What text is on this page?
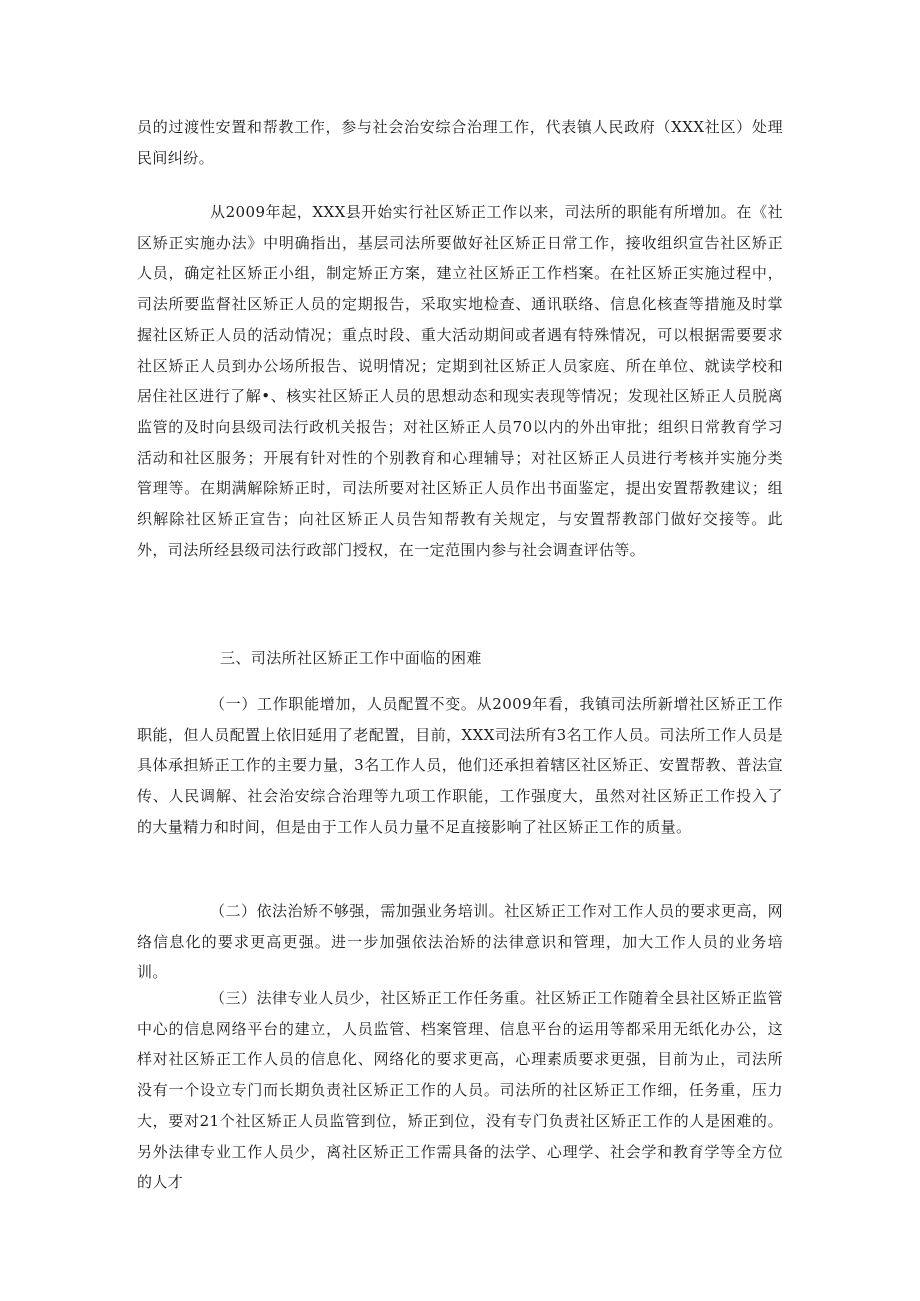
员的过渡性安置和帮教工作，参与社会治安综合治理工作，代表镇人民政府（XXX社区）处理民间纠纷。

从2009年起，XXX县开始实行社区矫正工作以来，司法所的职能有所增加。在《社区矫正实施办法》中明确指出，基层司法所要做好社区矫正日常工作，接收组织宣告社区矫正人员，确定社区矫正小组，制定矫正方案，建立社区矫正工作档案。在社区矫正实施过程中，司法所要监督社区矫正人员的定期报告，采取实地检查、通讯联络、信息化核查等措施及时掌握社区矫正人员的活动情况；重点时段、重大活动期间或者遇有特殊情况，可以根据需要要求社区矫正人员到办公场所报告、说明情况；定期到社区矫正人员家庭、所在单位、就读学校和居住社区进行了解•、核实社区矫正人员的思想动态和现实表现等情况；发现社区矫正人员脱离监管的及时向县级司法行政机关报告；对社区矫正人员70以内的外出审批；组织日常教育学习活动和社区服务；开展有针对性的个别教育和心理辅导；对社区矫正人员进行考核并实施分类管理等。在期满解除矫正时，司法所要对社区矫正人员作出书面鉴定，提出安置帮教建议；组织解除社区矫正宣告；向社区矫正人员告知帮教有关规定，与安置帮教部门做好交接等。此外，司法所经县级司法行政部门授权，在一定范围内参与社会调查评估等。

三、司法所社区矫正工作中面临的困难

（一）工作职能增加，人员配置不变。从2009年看，我镇司法所新增社区矫正工作职能，但人员配置上依旧延用了老配置，目前，XXX司法所有3名工作人员。司法所工作人员是具体承担矫正工作的主要力量，3名工作人员，他们还承担着辖区社区矫正、安置帮教、普法宣传、人民调解、社会治安综合治理等九项工作职能，工作强度大，虽然对社区矫正工作投入了的大量精力和时间，但是由于工作人员力量不足直接影响了社区矫正工作的质量。

（二）依法治矫不够强，需加强业务培训。社区矫正工作对工作人员的要求更高，网络信息化的要求更高更强。进一步加强依法治矫的法律意识和管理，加大工作人员的业务培训。

（三）法律专业人员少，社区矫正工作任务重。社区矫正工作随着全县社区矫正监管中心的信息网络平台的建立，人员监管、档案管理、信息平台的运用等都采用无纸化办公，这样对社区矫正工作人员的信息化、网络化的要求更高，心理素质要求更强，目前为止，司法所没有一个设立专门而长期负责社区矫正工作的人员。司法所的社区矫正工作细，任务重，压力大，要对21个社区矫正人员监管到位，矫正到位，没有专门负责社区矫正工作的人是困难的。另外法律专业工作人员少，离社区矫正工作需具备的法学、心理学、社会学和教育学等全方位的人才
